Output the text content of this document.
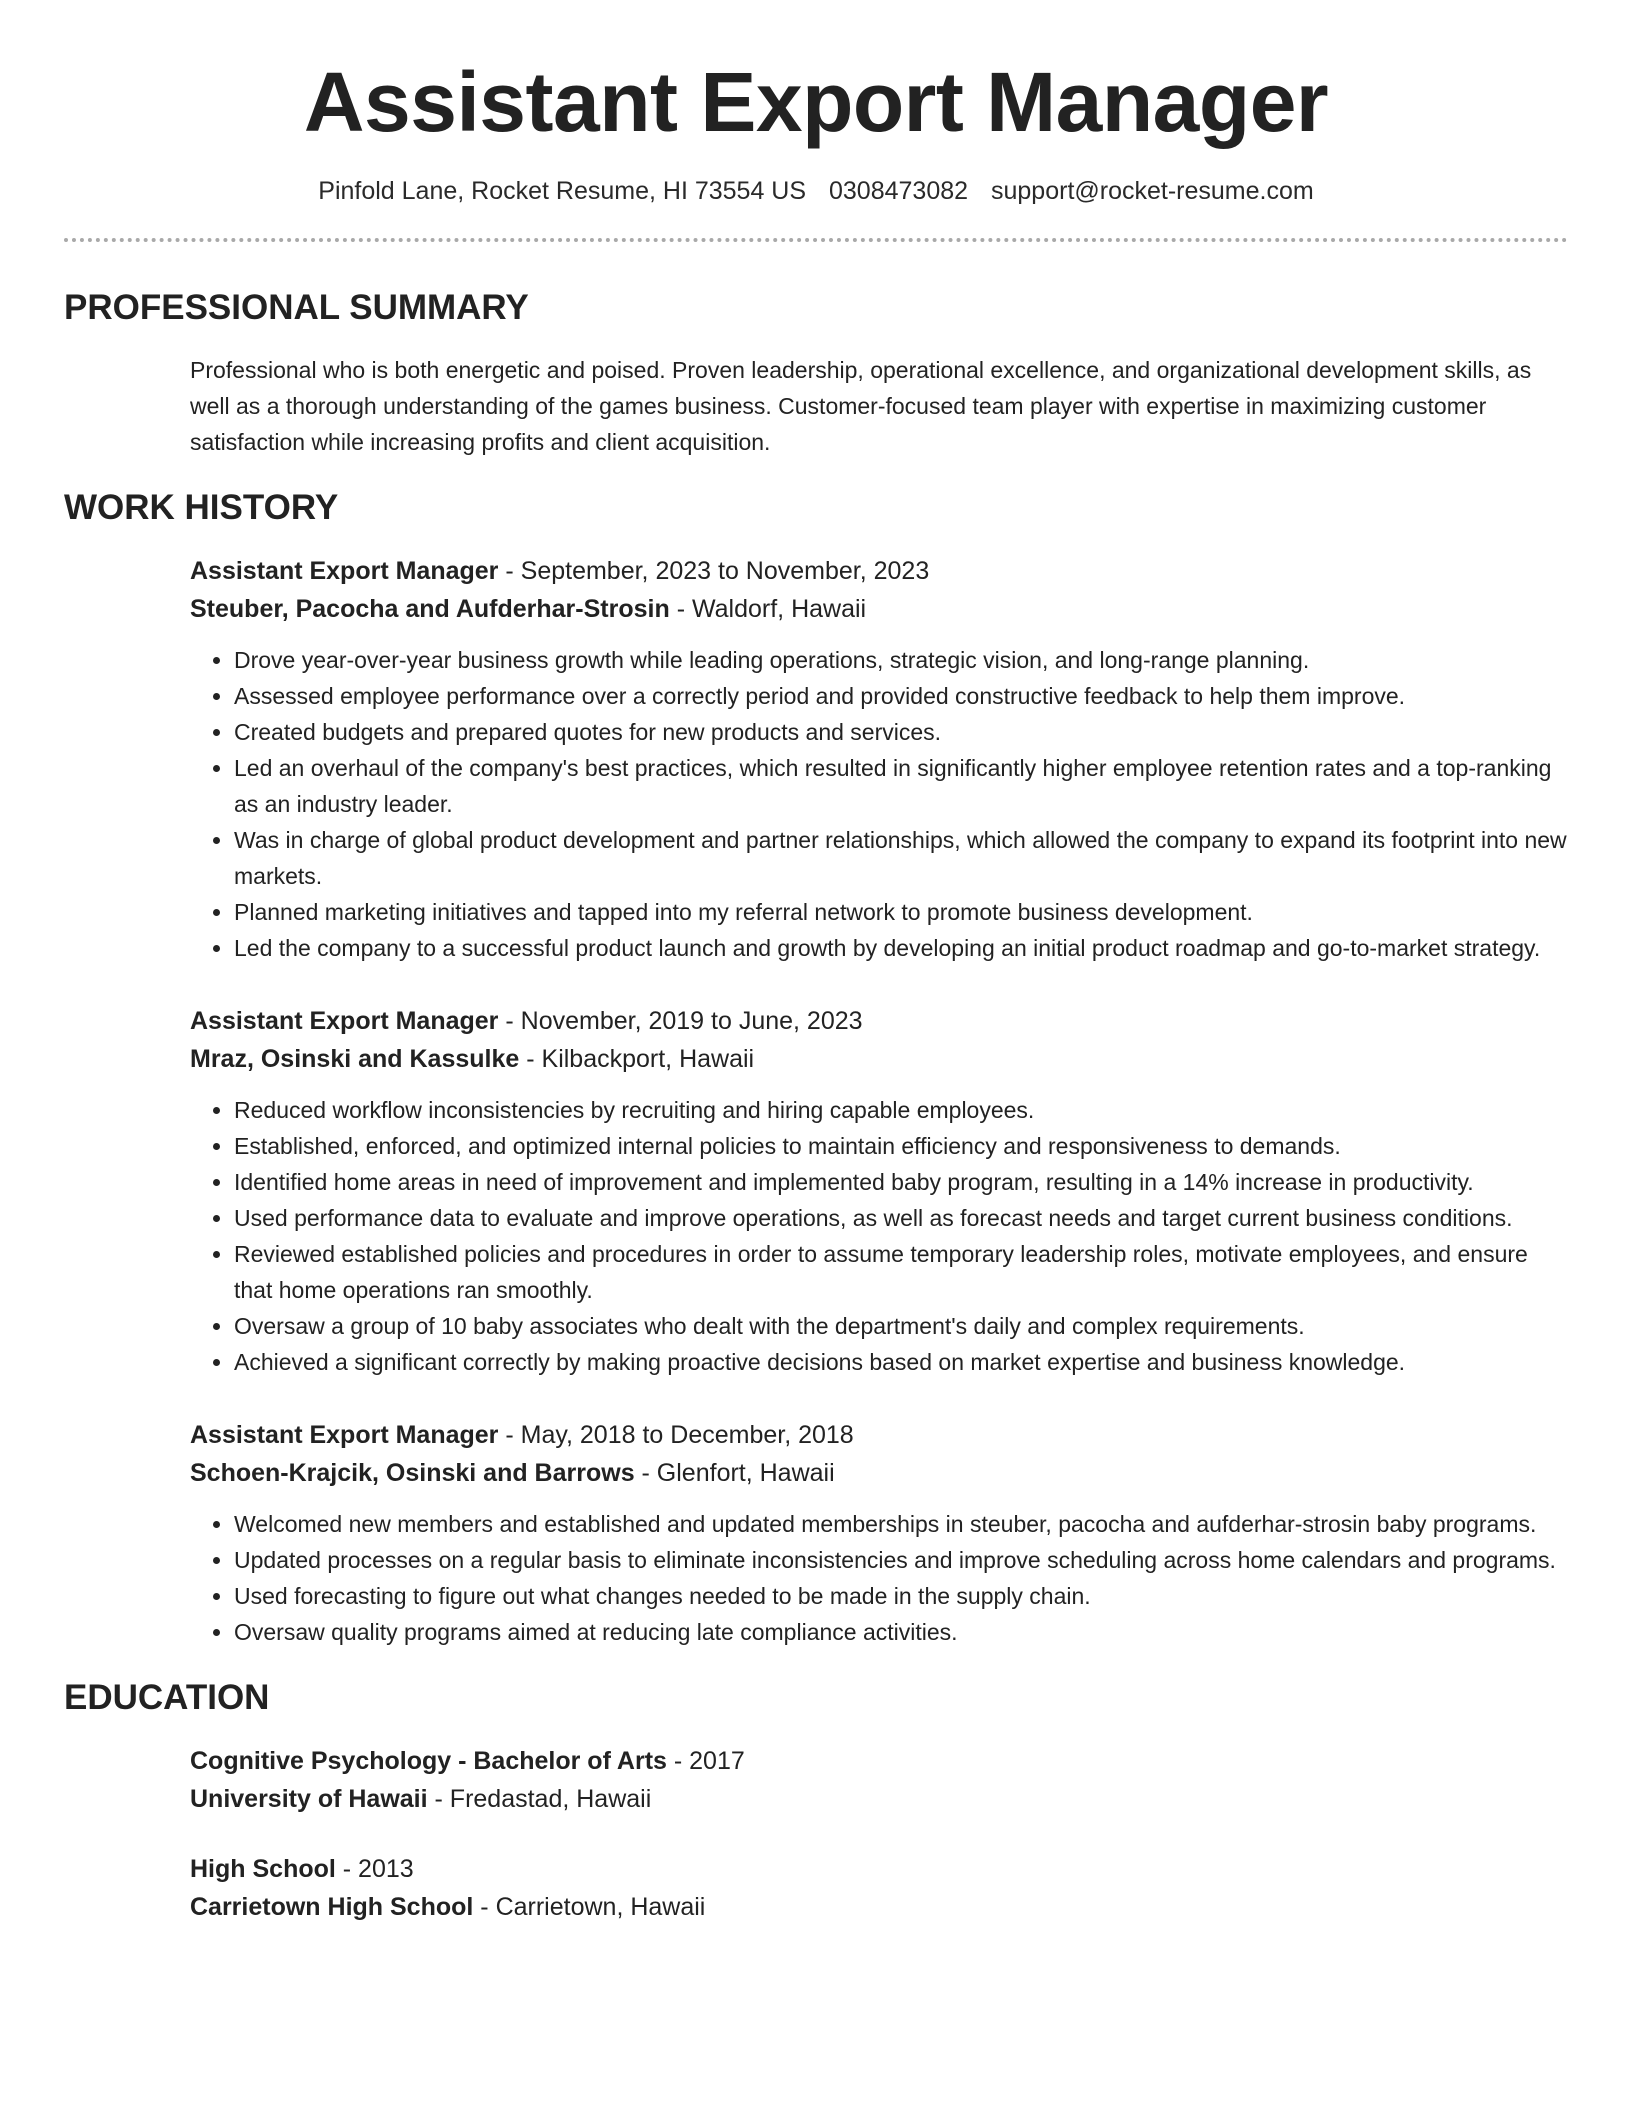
Assistant Export Manager
Pinfold Lane, Rocket Resume, HI 73554 US 0308473082 support@rocket-resume.com
PROFESSIONAL SUMMARY

Professional who is both energetic and poised. Proven leadership, operational excellence, and organizational development skills, as well as a thorough understanding of the games business. Customer-focused team player with expertise in maximizing customer satisfaction while increasing profits and client acquisition.

WORK HISTORY
Assistant Export Manager - September, 2023 to November, 2023
Steuber, Pacocha and Aufderhar-Strosin - Waldorf, Hawaii
• Drove year-over-year business growth while leading operations, strategic vision, and long-range planning.
• Assessed employee performance over a correctly period and provided constructive feedback to help them improve.
• Created budgets and prepared quotes for new products and services.
• Led an overhaul of the company's best practices, which resulted in significantly higher employee retention rates and a top-ranking as an industry leader.
• Was in charge of global product development and partner relationships, which allowed the company to expand its footprint into new markets.
• Planned marketing initiatives and tapped into my referral network to promote business development.
• Led the company to a successful product launch and growth by developing an initial product roadmap and go-to-market strategy.
Assistant Export Manager - November, 2019 to June, 2023
Mraz, Osinski and Kassulke - Kilbackport, Hawaii
• Reduced workflow inconsistencies by recruiting and hiring capable employees.
• Established, enforced, and optimized internal policies to maintain efficiency and responsiveness to demands.
• Identified home areas in need of improvement and implemented baby program, resulting in a 14% increase in productivity.
• Used performance data to evaluate and improve operations, as well as forecast needs and target current business conditions.
• Reviewed established policies and procedures in order to assume temporary leadership roles, motivate employees, and ensure that home operations ran smoothly.
• Oversaw a group of 10 baby associates who dealt with the department's daily and complex requirements.
• Achieved a significant correctly by making proactive decisions based on market expertise and business knowledge.
Assistant Export Manager - May, 2018 to December, 2018
Schoen-Krajcik, Osinski and Barrows - Glenfort, Hawaii
• Welcomed new members and established and updated memberships in steuber, pacocha and aufderhar-strosin baby programs.
• Updated processes on a regular basis to eliminate inconsistencies and improve scheduling across home calendars and programs.
• Used forecasting to figure out what changes needed to be made in the supply chain.
• Oversaw quality programs aimed at reducing late compliance activities.
EDUCATION
Cognitive Psychology - Bachelor of Arts - 2017
University of Hawaii - Fredastad, Hawaii
High School - 2013
Carrietown High School - Carrietown, Hawaii
